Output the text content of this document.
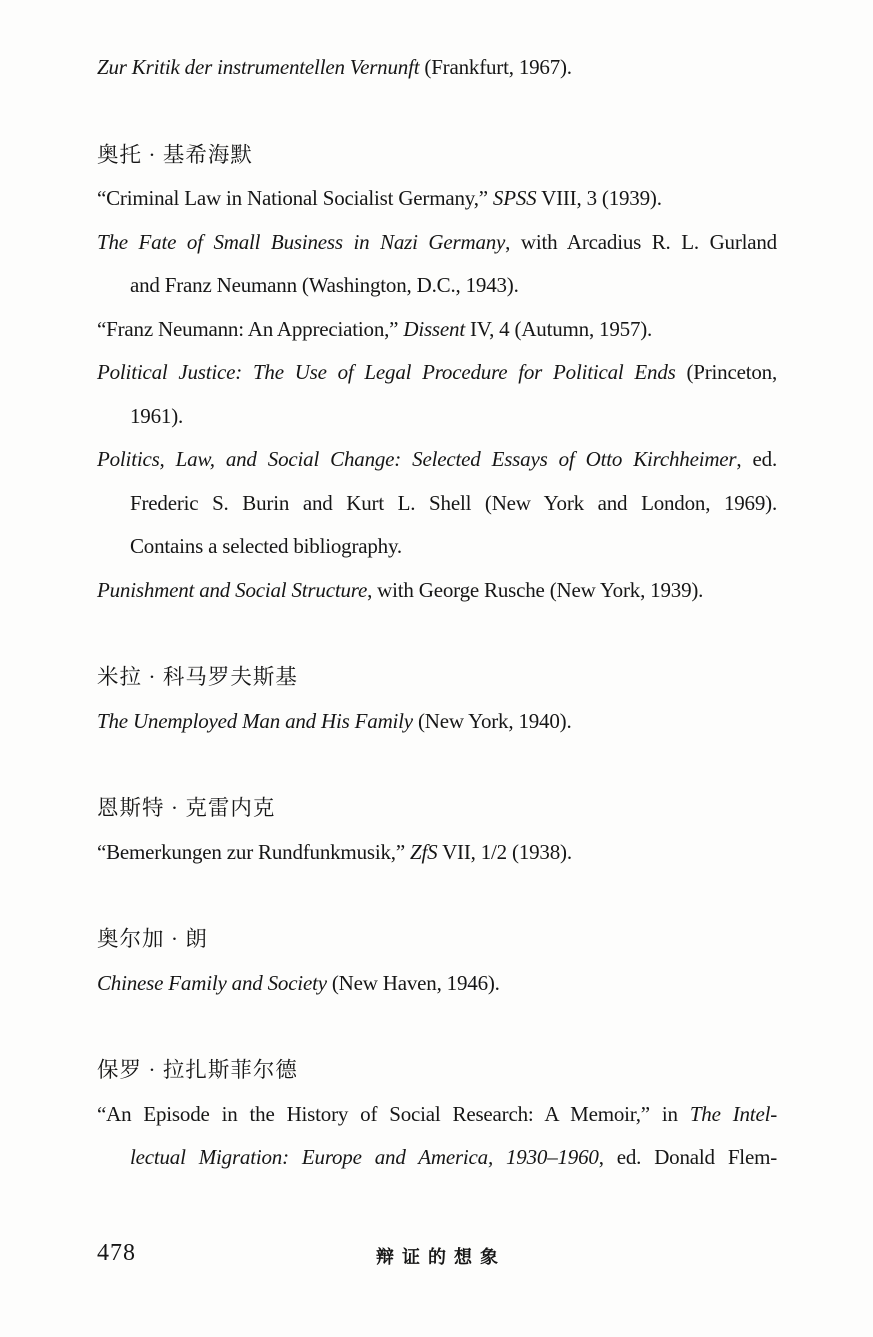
Zur Kritik der instrumentellen Vernunft (Frankfurt, 1967).

奥托 · 基希海默

“Criminal Law in National Socialist Germany,” SPSS VIII, 3 (1939).

The Fate of Small Business in Nazi Germany, with Arcadius R. L. Gurland

and Franz Neumann (Washington, D.C., 1943).

“Franz Neumann: An Appreciation,” Dissent IV, 4 (Autumn, 1957).

Political Justice: The Use of Legal Procedure for Political Ends (Princeton,

1961).

Politics, Law, and Social Change: Selected Essays of Otto Kirchheimer, ed.

Frederic S. Burin and Kurt L. Shell (New York and London, 1969).

Contains a selected bibliography.

Punishment and Social Structure, with George Rusche (New York, 1939).

米拉 · 科马罗夫斯基

The Unemployed Man and His Family (New York, 1940).

恩斯特 · 克雷内克

“Bemerkungen zur Rundfunkmusik,” ZfS VII, 1/2 (1938).

奥尔加 · 朗

Chinese Family and Society (New Haven, 1946).

保罗 · 拉扎斯菲尔德

“An Episode in the History of Social Research: A Memoir,” in The Intel-

lectual Migration: Europe and America, 1930–1960, ed. Donald Flem-

478	辩证的想象
